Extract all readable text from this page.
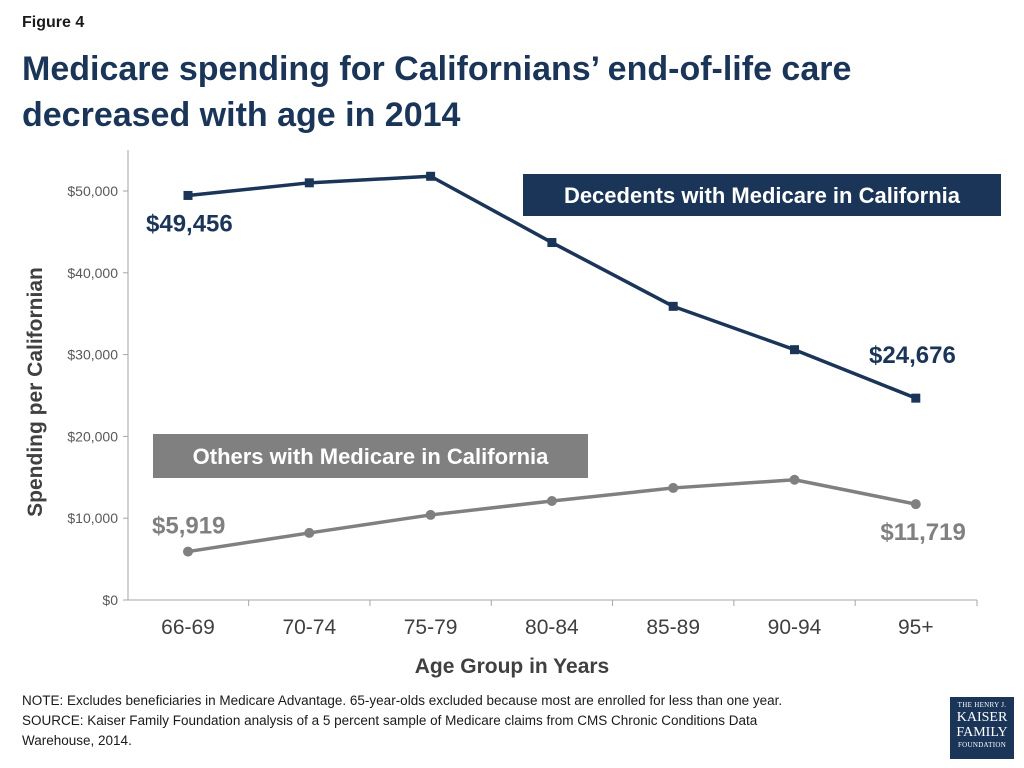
Figure 4
Medicare spending for Californians’ end-of-life care
decreased with age in 2014
$0
$10,000
$20,000
$30,000
$40,000
$50,000
66-69	70-74	75-79	80-84	85-89	90-94	95+
Age Group in Years
Spending per Californian
$49,456
$24,676
$5,919	$11,719
Decedents with Medicare in California
Others with Medicare in California
NOTE: Excludes beneficiaries in Medicare Advantage. 65-year-olds excluded because most are enrolled for less than one year.
SOURCE: Kaiser Family Foundation analysis of a 5 percent sample of Medicare claims from CMS Chronic Conditions Data
Warehouse, 2014.
THE HENRY J.
KAISER
FAMILY
FOUNDATION
